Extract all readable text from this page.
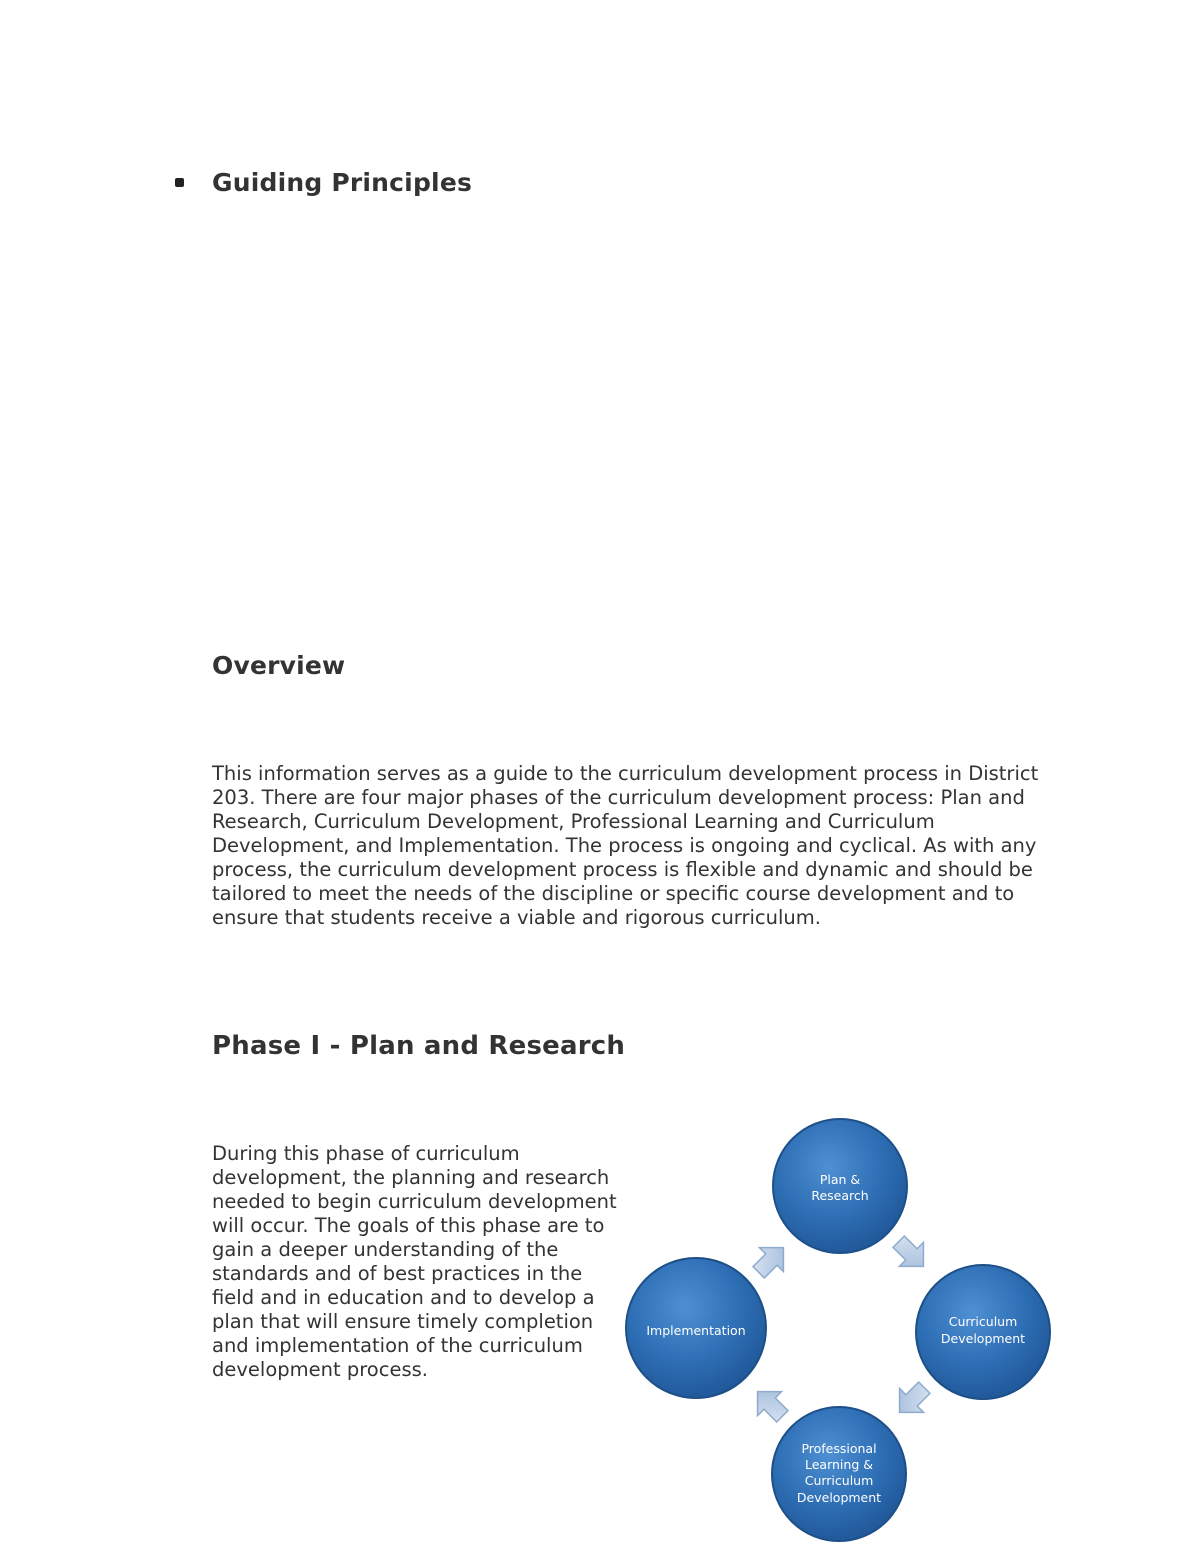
Guiding Principles
Overview

This information serves as a guide to the curriculum development process in District 203. There are four major phases of the curriculum development process: Plan and Research, Curriculum Development, Professional Learning and Curriculum Development, and Implementation. The process is ongoing and cyclical. As with any process, the curriculum development process is flexible and dynamic and should be tailored to meet the needs of the discipline or specific course development and to ensure that students receive a viable and rigorous curriculum.

Phase I - Plan and Research

During this phase of curriculum development, the planning and research needed to begin curriculum development will occur. The goals of this phase are to gain a deeper understanding of the standards and of best practices in the field and in education and to develop a plan that will ensure timely completion and implementation of the curriculum development process.

Plan &
Research
Curriculum
Development
Professional
Learning &
Curriculum
Development
Implementation
